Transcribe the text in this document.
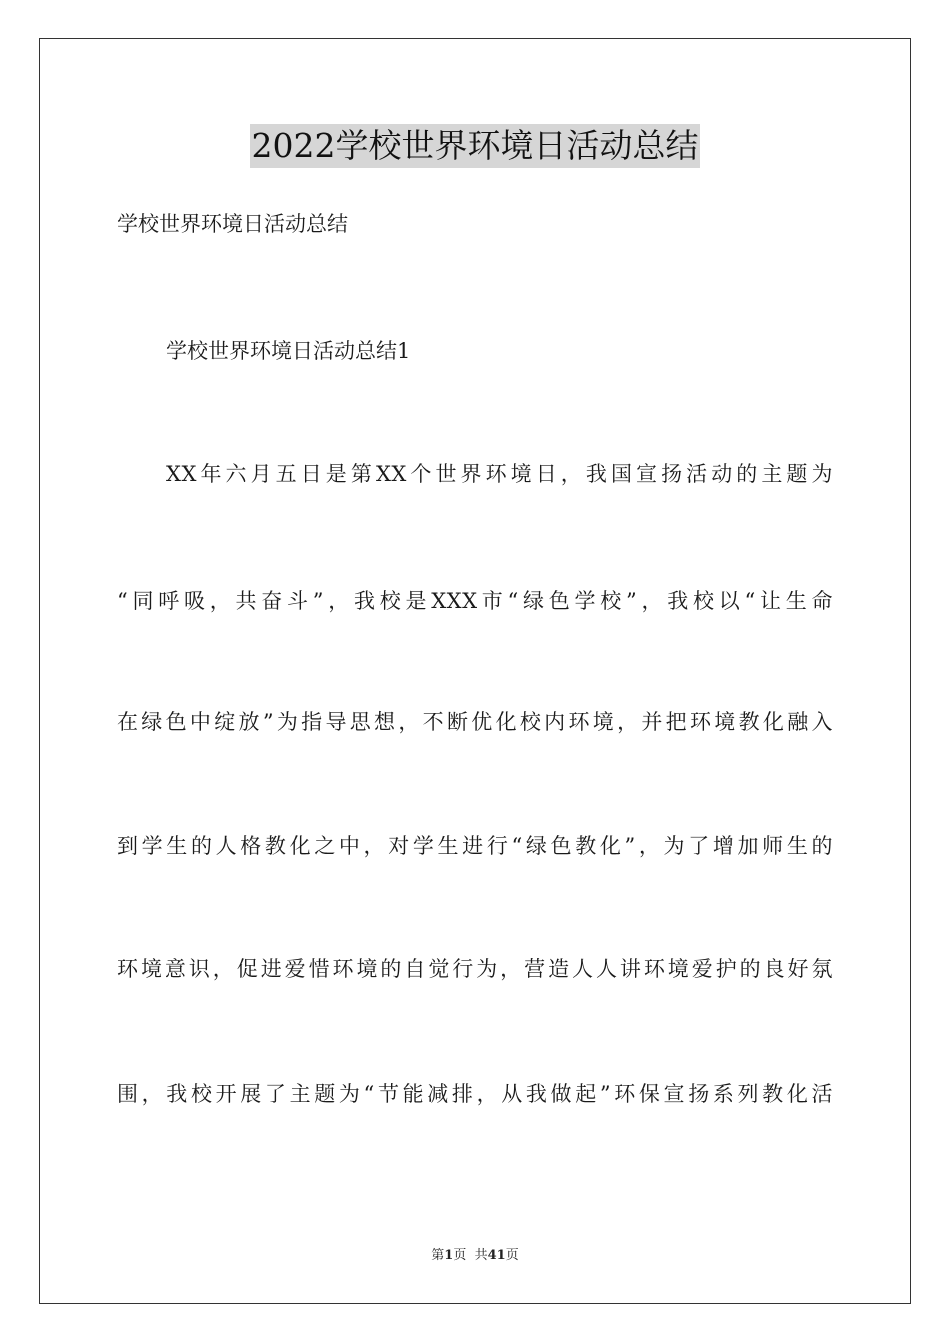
2022学校世界环境日活动总结
学校世界环境日活动总结
学校世界环境日活动总结1
XX年六月五日是第XX个世界环境日，我国宣扬活动的主题为
“同呼吸，共奋斗”，我校是XXX市“绿色学校”，我校以“让生命
在绿色中绽放”为指导思想，不断优化校内环境，并把环境教化融入
到学生的人格教化之中，对学生进行“绿色教化”，为了增加师生的
环境意识，促进爱惜环境的自觉行为，营造人人讲环境爱护的良好氛
围，我校开展了主题为“节能减排，从我做起”环保宣扬系列教化活
第1页  共41页
